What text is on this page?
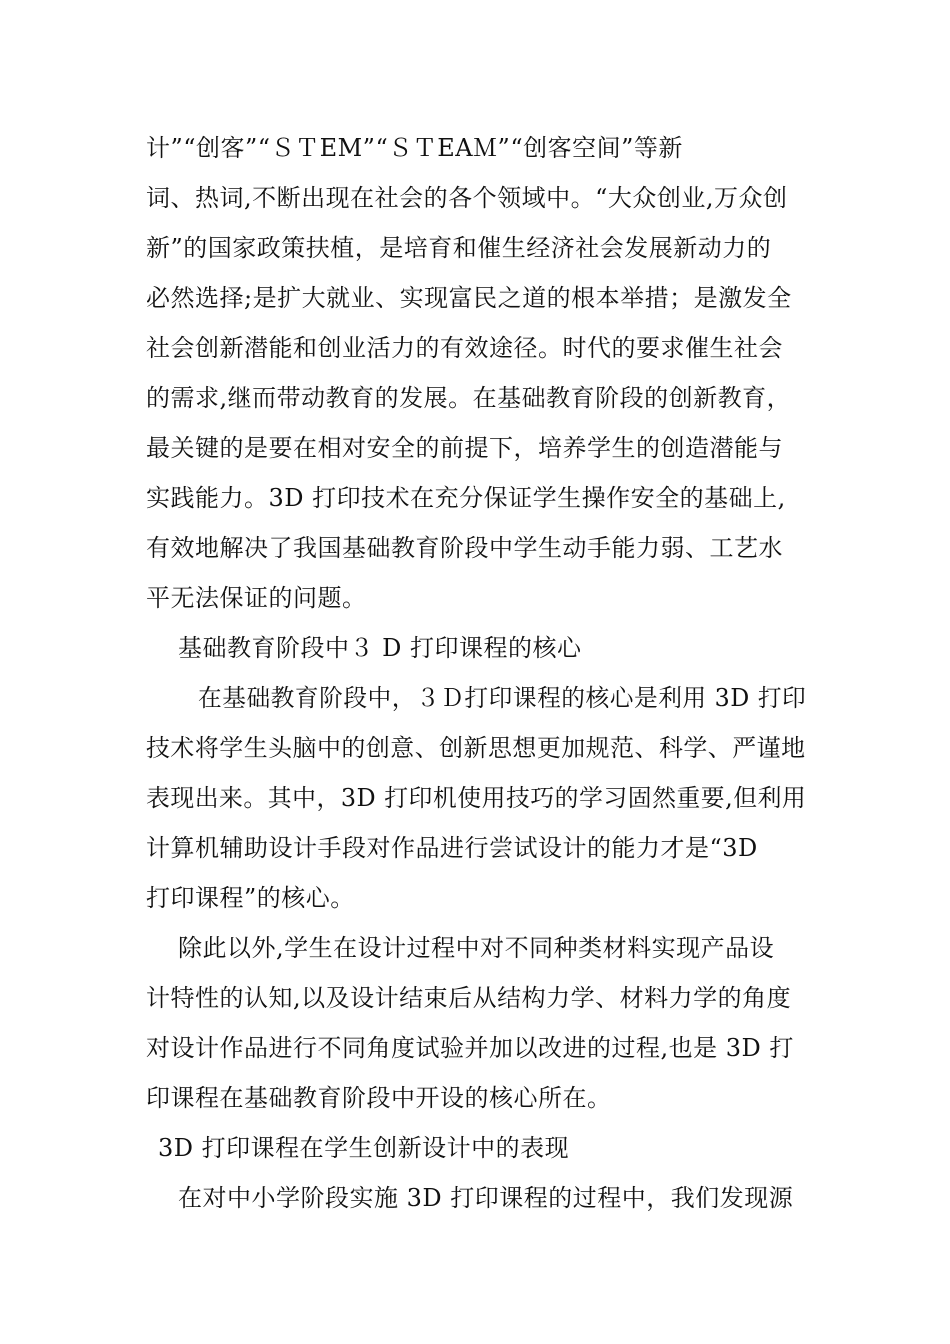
计”“创客”“ＳＴEM”“ＳＴEAＭ”“创客空间”等新
词、热词,不断出现在社会的各个领域中。“大众创业,万众创
新”的国家政策扶植，是培育和催生经济社会发展新动力的
必然选择;是扩大就业、实现富民之道的根本举措；是激发全
社会创新潜能和创业活力的有效途径。时代的要求催生社会
的需求,继而带动教育的发展。在基础教育阶段的创新教育，
最关键的是要在相对安全的前提下，培养学生的创造潜能与
实践能力。3D 打印技术在充分保证学生操作安全的基础上,
有效地解决了我国基础教育阶段中学生动手能力弱、工艺水
平无法保证的问题。
基础教育阶段中３ D 打印课程的核心
在基础教育阶段中，３Ｄ打印课程的核心是利用 3D 打印
技术将学生头脑中的创意、创新思想更加规范、科学、严谨地
表现出来。其中，3D 打印机使用技巧的学习固然重要,但利用
计算机辅助设计手段对作品进行尝试设计的能力才是“3D
打印课程”的核心。
除此以外,学生在设计过程中对不同种类材料实现产品设
计特性的认知,以及设计结束后从结构力学、材料力学的角度
对设计作品进行不同角度试验并加以改进的过程,也是 3D 打
印课程在基础教育阶段中开设的核心所在。
3D 打印课程在学生创新设计中的表现
在对中小学阶段实施 3D 打印课程的过程中，我们发现源
